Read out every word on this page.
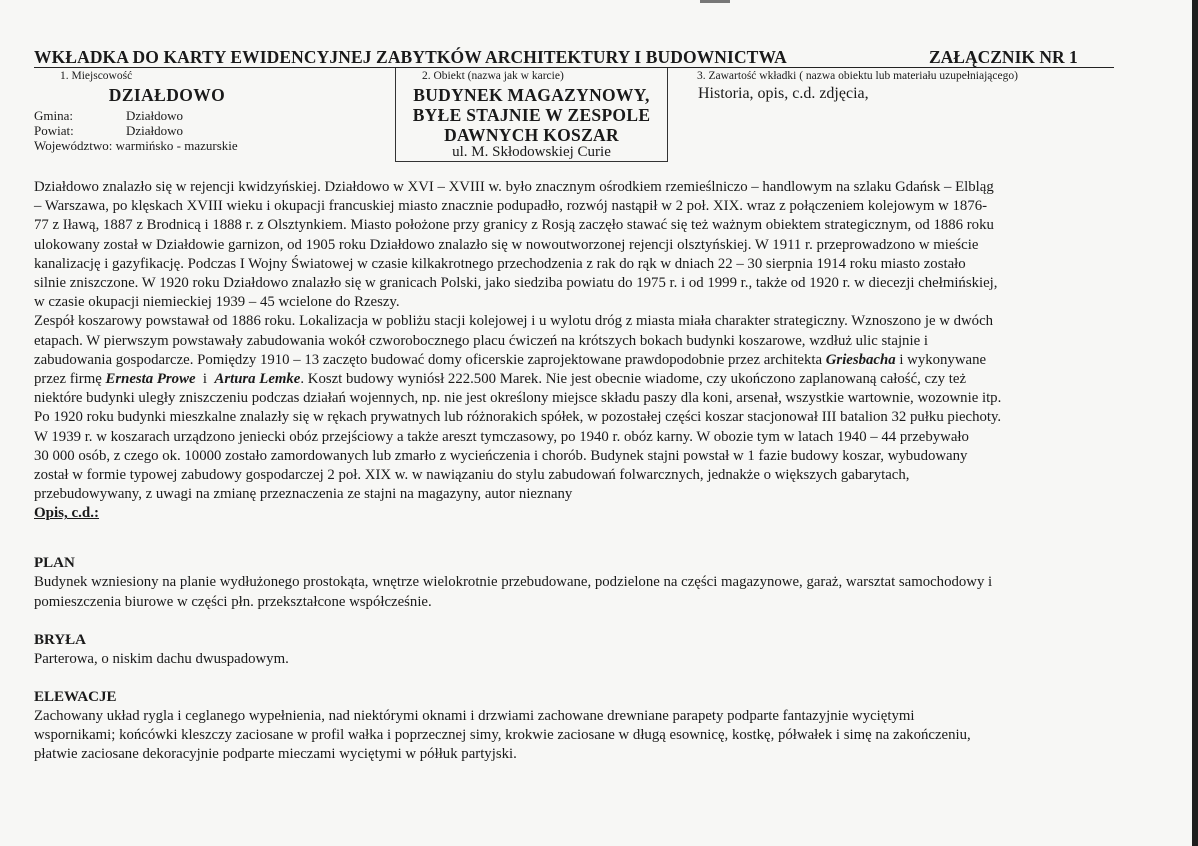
WKŁADKA DO KARTY EWIDENCYJNEJ ZABYTKÓW ARCHITEKTURY I BUDOWNICTWA	ZAŁĄCZNIK NR 1
1. Miejscowość
DZIAŁDOWO
Gmina:	Działdowo
Powiat:	Działdowo
Województwo: warmińsko - mazurskie
2. Obiekt (nazwa jak w karcie)
BUDYNEK MAGAZYNOWY,
BYŁE STAJNIE W ZESPOLE
DAWNYCH KOSZAR
ul. M. Skłodowskiej Curie
3. Zawartość wkładki ( nazwa obiektu lub materiału uzupełniającego)
Historia, opis, c.d. zdjęcia,

Działdowo znalazło się w rejencji kwidzyńskiej. Działdowo w XVI – XVIII w. było znacznym ośrodkiem rzemieślniczo – handlowym na szlaku Gdańsk – Elbląg

– Warszawa, po klęskach XVIII wieku i okupacji francuskiej miasto znacznie podupadło, rozwój nastąpił w 2 poł. XIX. wraz z połączeniem kolejowym w 1876-

77 z Iławą, 1887 z Brodnicą i 1888 r. z Olsztynkiem. Miasto położone przy granicy z Rosją zaczęło stawać się też ważnym obiektem strategicznym, od 1886 roku

ulokowany został w Działdowie garnizon, od 1905 roku Działdowo znalazło się w nowoutworzonej rejencji olsztyńskiej. W 1911 r. przeprowadzono w mieście

kanalizację i gazyfikację. Podczas I Wojny Światowej w czasie kilkakrotnego przechodzenia z rak do rąk w dniach 22 – 30 sierpnia 1914 roku miasto zostało

silnie zniszczone. W 1920 roku Działdowo znalazło się w granicach Polski, jako siedziba powiatu do 1975 r. i od 1999 r., także od 1920 r. w diecezji chełmińskiej,

w czasie okupacji niemieckiej 1939 – 45 wcielone do Rzeszy.

Zespół koszarowy powstawał od 1886 roku. Lokalizacja w pobliżu stacji kolejowej i u wylotu dróg z miasta miała charakter strategiczny. Wznoszono je w dwóch

etapach. W pierwszym powstawały zabudowania wokół czworobocznego placu ćwiczeń na krótszych bokach budynki koszarowe, wzdłuż ulic stajnie i

zabudowania gospodarcze. Pomiędzy 1910 – 13 zaczęto budować domy oficerskie zaprojektowane prawdopodobnie przez architekta Griesbacha i wykonywane

przez firmę Ernesta Prowe i Artura Lemke. Koszt budowy wyniósł 222.500 Marek. Nie jest obecnie wiadome, czy ukończono zaplanowaną całość, czy też

niektóre budynki uległy zniszczeniu podczas działań wojennych, np. nie jest określony miejsce składu paszy dla koni, arsenał, wszystkie wartownie, wozownie itp.

Po 1920 roku budynki mieszkalne znalazły się w rękach prywatnych lub różnorakich spółek, w pozostałej części koszar stacjonował III batalion 32 pułku piechoty.

W 1939 r. w koszarach urządzono jeniecki obóz przejściowy a także areszt tymczasowy, po 1940 r. obóz karny. W obozie tym w latach 1940 – 44 przebywało

30 000 osób, z czego ok. 10000 zostało zamordowanych lub zmarło z wycieńczenia i chorób. Budynek stajni powstał w 1 fazie budowy koszar, wybudowany

został w formie typowej zabudowy gospodarczej 2 poł. XIX w. w nawiązaniu do stylu zabudowań folwarcznych, jednakże o większych gabarytach,

przebudowywany, z uwagi na zmianę przeznaczenia ze stajni na magazyny, autor nieznany

Opis, c.d.:

PLAN

Budynek wzniesiony na planie wydłużonego prostokąta, wnętrze wielokrotnie przebudowane, podzielone na części magazynowe, garaż, warsztat samochodowy i

pomieszczenia biurowe w części płn. przekształcone współcześnie.

BRYŁA

Parterowa, o niskim dachu dwuspadowym.

ELEWACJE

Zachowany układ rygla i ceglanego wypełnienia, nad niektórymi oknami i drzwiami zachowane drewniane parapety podparte fantazyjnie wyciętymi

wspornikami; końcówki kleszczy zaciosane w profil wałka i poprzecznej simy, krokwie zaciosane w długą esownicę, kostkę, półwałek i simę na zakończeniu,

płatwie zaciosane dekoracyjnie podparte mieczami wyciętymi w półłuk partyjski.
